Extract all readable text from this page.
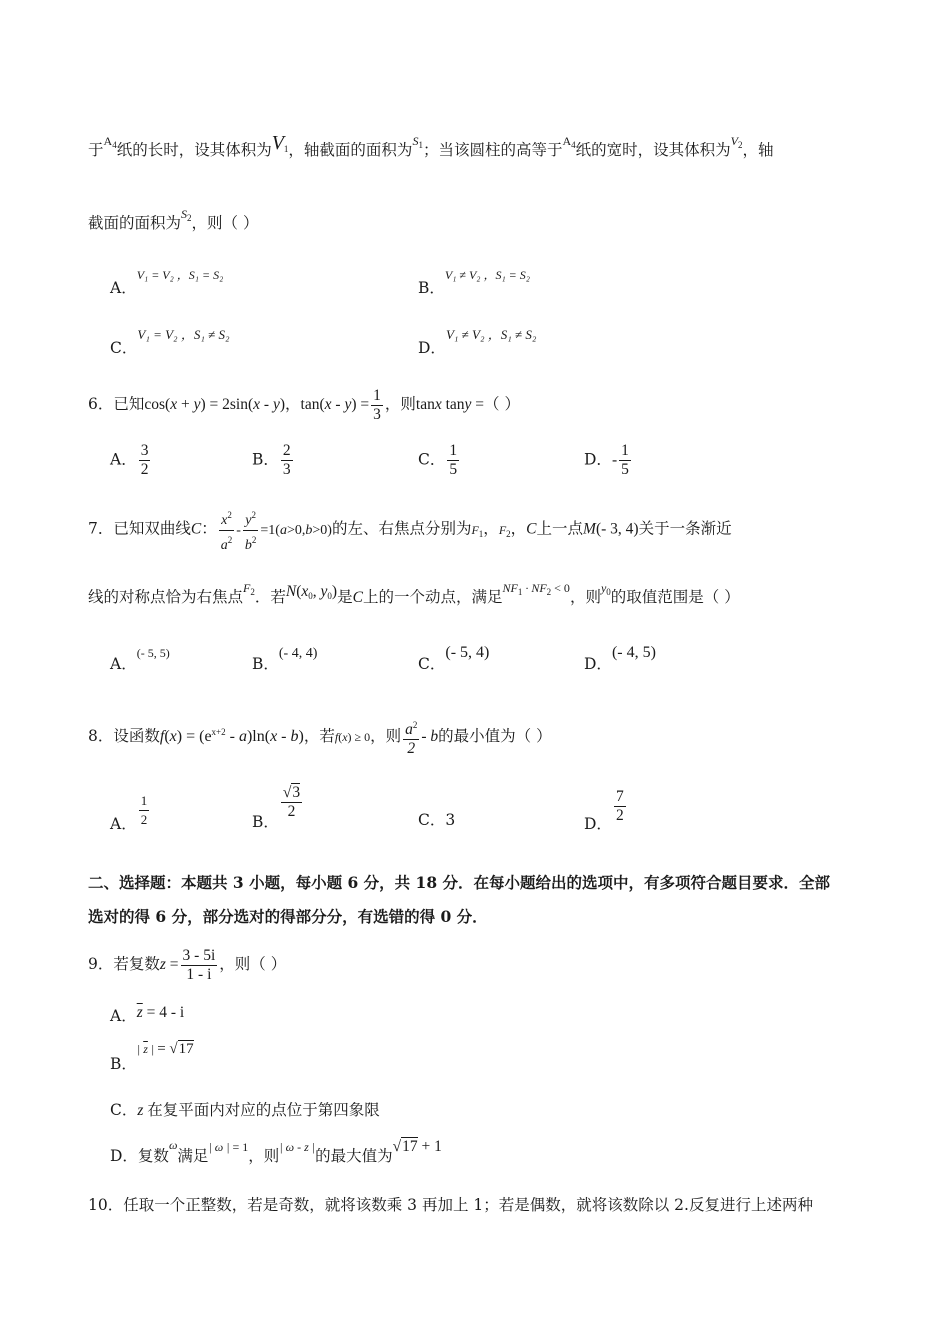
于$^{A_4}$纸的长时，设其体积为$V_1$，轴截面的面积为$^{S_1}$；当该圆柱的高等于$^{A_4}$纸的宽时，设其体积为$^{V_2}$，轴
截面的面积为$^{S_2}$，则（ ）
A．V₁ = V₂ ，S₁ = S₂
B．V₁ ≠ V₂ ，S₁ = S₂
C．V₁ = V₂ ，S₁ ≠ S₂
D．V₁ ≠ V₂ ，S₁ ≠ S₂
6．已知cos(x + y) = 2sin(x - y)，$\tan(x - y) = \frac{1}{3}$ ，则tanx tany =（ ）
A． $\frac{3}{2}$	B． $\frac{2}{3}$	C． $\frac{1}{5}$	D．- $\frac{1}{5}$
7．已知双曲线C： $\frac{x^2}{a^2} - \frac{y^2}{b^2} =1(a>0,b>0)$的左、右焦点分别为$F_1$，$F_2$，C上一点M(- 3, 4)关于一条渐近
线的对称点恰为右焦点$^{F_2}$．若$N(x_0$, $y_0$)是C上的一个动点，满足$^{NF_1 \cdot NF_2 < 0}$，则$^{y_0}$的取值范围是（ ）
A．(- 5, 5)
B．(- 4, 4)
C．(- 5, 4)
D．(- 4, 5)
8．设函数$f(x) = (e^{x+2} - a)\ln(x - b)$，若f(x) ≥ 0，则 $\frac{a^2}{2}$ - b的最小值为（ ）
A． $\frac{1}{2}$	B．
$\frac{√3}{2}$	C．3	D． $\frac{7}{2}$
二、选择题：本题共 3 小题，每小题 6 分，共 18 分．在每小题给出的选项中，有多项符合题目要求．全部
选对的得 6 分，部分选对的得部分分，有选错的得 0 分．
9．若复数$z = \frac{3 - 5i}{1 - i}$ ，则（ ）
A．$\overline{z} = 4 - i$
B．| $\overline{z}$ | = √17
C．z 在复平面内对应的点位于第四象限
D．复数ω满足| ω | = 1，则| ω - z |的最大值为√17 + 1
10．任取一个正整数，若是奇数，就将该数乘 3 再加上 1；若是偶数，就将该数除以 2.反复进行上述两种
